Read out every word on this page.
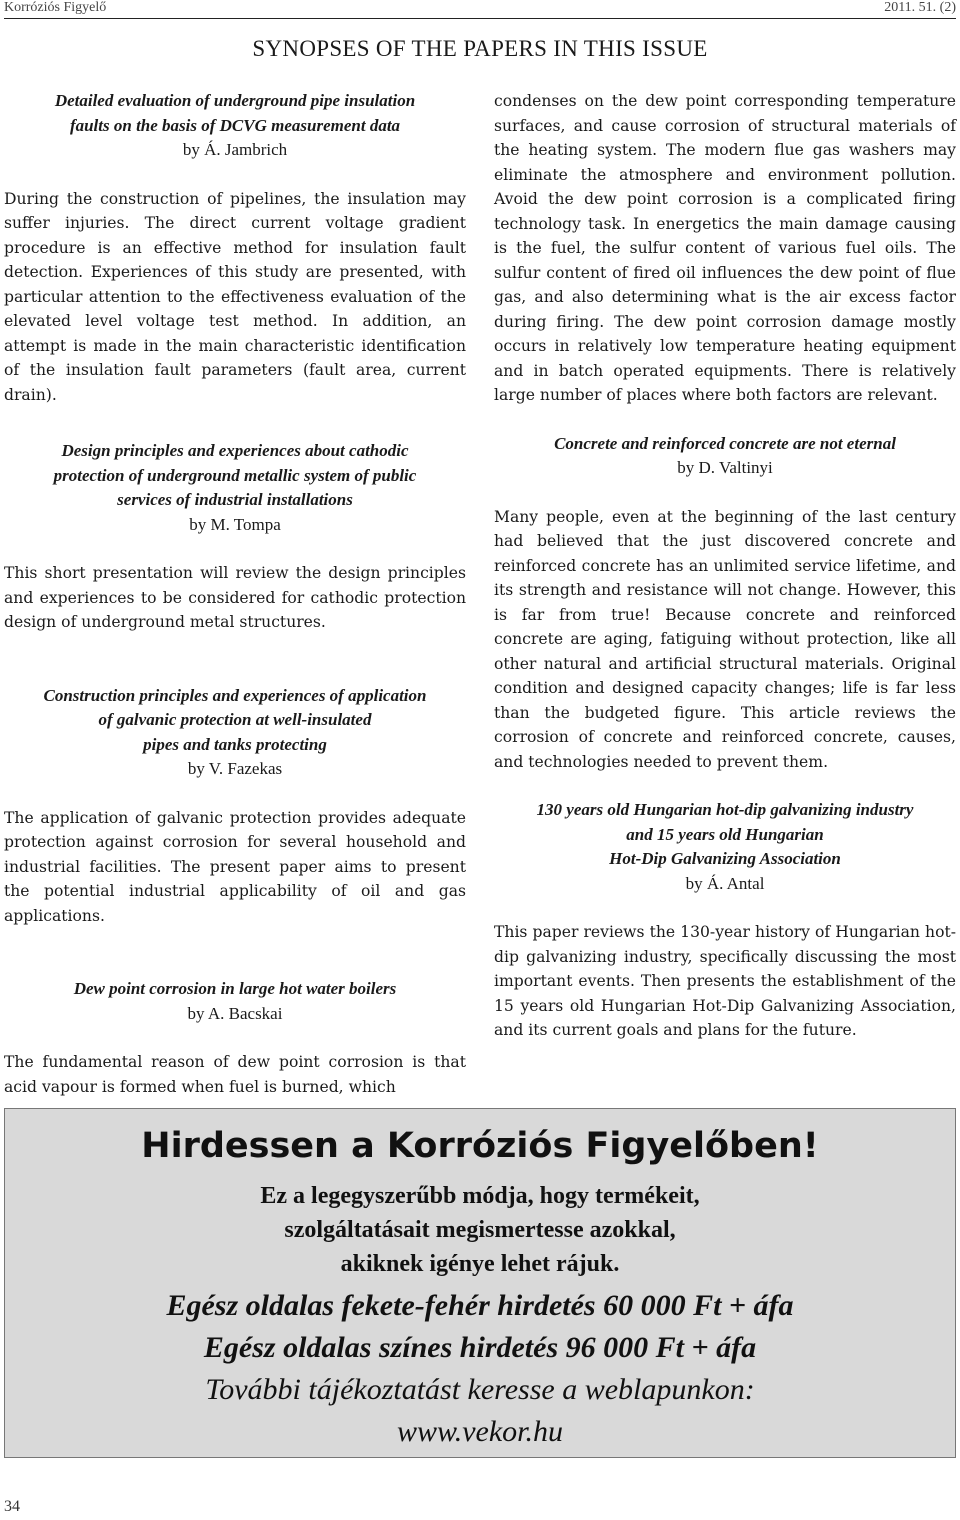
Korróziós Figyelő	2011. 51. (2)
SYNOPSES OF THE PAPERS IN THIS ISSUE

Detailed evaluation of underground pipe insulation
faults on the basis of DCVG measurement data

by Á. Jambrich

During the construction of pipelines, the insulation may suffer injuries. The direct current voltage gradient procedure is an effective method for insulation fault detection. Experiences of this study are presented, with particular attention to the effectiveness evaluation of the elevated level voltage test method. In addition, an attempt is made in the main characteristic identification of the insulation fault parameters (fault area, current drain).

Design principles and experiences about cathodic
protection of underground metallic system of public
services of industrial installations

by M. Tompa

This short presentation will review the design principles and experiences to be considered for cathodic protection design of underground metal structures.

Construction principles and experiences of application
of galvanic protection at well-insulated
pipes and tanks protecting

by V. Fazekas

The application of galvanic protection provides adequate protection against corrosion for several household and industrial facilities. The present paper aims to present the potential industrial applicability of oil and gas applications.

Dew point corrosion in large hot water boilers

by A. Bacskai

The fundamental reason of dew point corrosion is that acid vapour is formed when fuel is burned, which

condenses on the dew point corresponding temperature surfaces, and cause corrosion of structural materials of the heating system. The modern flue gas washers may eliminate the atmosphere and environment pollution. Avoid the dew point corrosion is a complicated firing technology task. In energetics the main damage causing is the fuel, the sulfur content of various fuel oils. The sulfur content of fired oil influences the dew point of flue gas, and also determining what is the air excess factor during firing. The dew point corrosion damage mostly occurs in relatively low temperature heating equipment and in batch operated equipments. There is relatively large number of places where both factors are relevant.

Concrete and reinforced concrete are not eternal

by D. Valtinyi

Many people, even at the beginning of the last century had believed that the just discovered concrete and reinforced concrete has an unlimited service lifetime, and its strength and resistance will not change. However, this is far from true! Because concrete and reinforced concrete are aging, fatiguing without protection, like all other natural and artificial structural materials. Original condition and designed capacity changes; life is far less than the budgeted figure. This article reviews the corrosion of concrete and reinforced concrete, causes, and technologies needed to prevent them.

130 years old Hungarian hot-dip galvanizing industry
and 15 years old Hungarian
Hot-Dip Galvanizing Association

by Á. Antal

This paper reviews the 130-year history of Hungarian hot-dip galvanizing industry, specifically discussing the most important events. Then presents the establishment of the 15 years old Hungarian Hot-Dip Galvanizing Association, and its current goals and plans for the future.

Hirdessen a Korróziós Figyelőben!
Ez a legegyszerűbb módja, hogy termékeit,
szolgáltatásait megismertesse azokkal,
akiknek igénye lehet rájuk.
Egész oldalas fekete-fehér hirdetés 60 000 Ft + áfa
Egész oldalas színes hirdetés 96 000 Ft + áfa
További tájékoztatást keresse a weblapunkon:
www.vekor.hu
34
